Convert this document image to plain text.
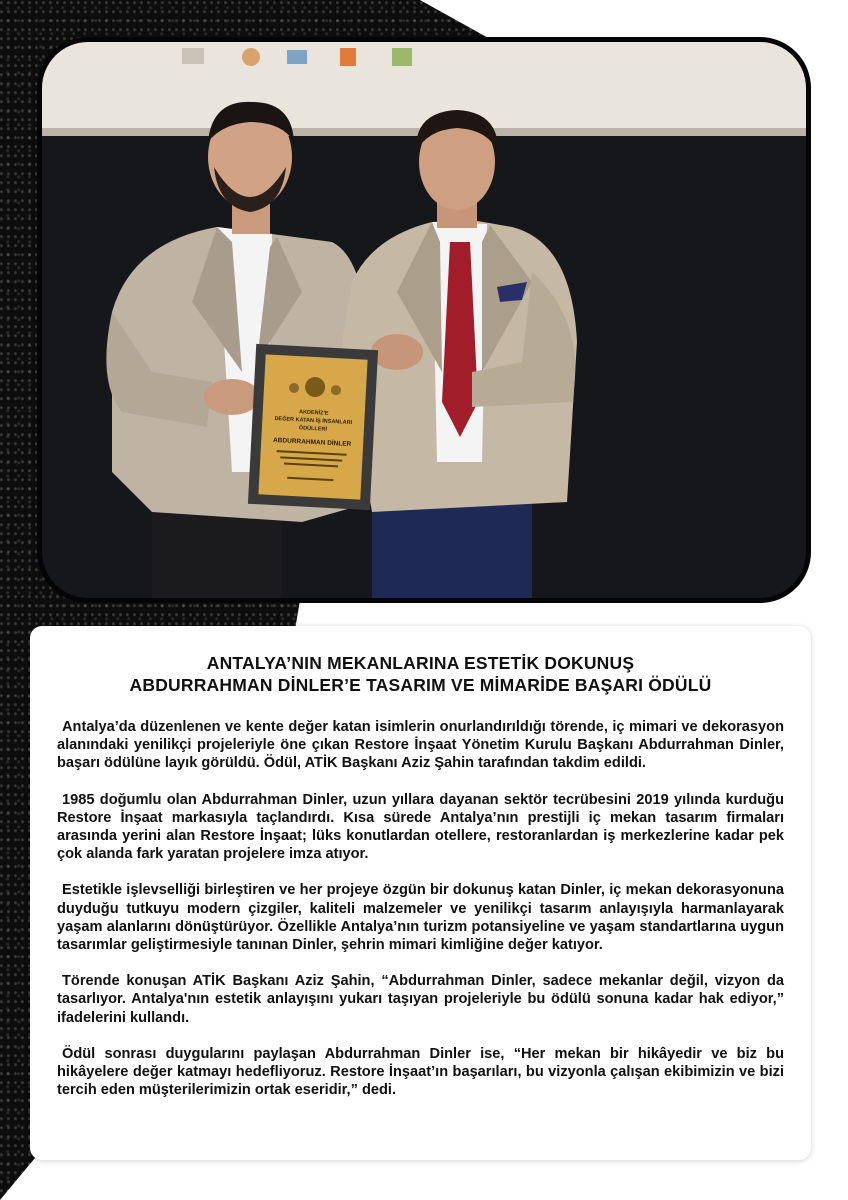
AKDENİZ'E
DEĞER KATAN İŞ İNSANLARI
ÖDÜLLERİ
ABDURRAHMAN DİNLER
ANTALYA’NIN MEKANLARINA ESTETİK DOKUNUŞ
ABDURRAHMAN DİNLER’E TASARIM VE MİMARİDE BAŞARI ÖDÜLÜ

Antalya’da düzenlenen ve kente değer katan isimlerin onurlandırıldığı törende, iç mimari ve dekorasyon alanındaki yenilikçi projeleriyle öne çıkan Restore İnşaat Yönetim Kurulu Başkanı Abdurrahman Dinler, başarı ödülüne layık görüldü. Ödül, ATİK Başkanı Aziz Şahin tarafından takdim edildi.

1985 doğumlu olan Abdurrahman Dinler, uzun yıllara dayanan sektör tecrübesini 2019 yılında kurduğu Restore İnşaat markasıyla taçlandırdı. Kısa sürede Antalya’nın prestijli iç mekan tasarım firmaları arasında yerini alan Restore İnşaat; lüks konutlardan otellere, restoranlardan iş merkezlerine kadar pek çok alanda fark yaratan projelere imza atıyor.

Estetikle işlevselliği birleştiren ve her projeye özgün bir dokunuş katan Dinler, iç mekan dekorasyonuna duyduğu tutkuyu modern çizgiler, kaliteli malzemeler ve yenilikçi tasarım anlayışıyla harmanlayarak yaşam alanlarını dönüştürüyor. Özellikle Antalya’nın turizm potansiyeline ve yaşam standartlarına uygun tasarımlar geliştirmesiyle tanınan Dinler, şehrin mimari kimliğine değer katıyor.

Törende konuşan ATİK Başkanı Aziz Şahin, “Abdurrahman Dinler, sadece mekanlar değil, vizyon da tasarlıyor. Antalya'nın estetik anlayışını yukarı taşıyan projeleriyle bu ödülü sonuna kadar hak ediyor,” ifadelerini kullandı.

Ödül sonrası duygularını paylaşan Abdurrahman Dinler ise, “Her mekan bir hikâyedir ve biz bu hikâyelere değer katmayı hedefliyoruz. Restore İnşaat’ın başarıları, bu vizyonla çalışan ekibimizin ve bizi tercih eden müşterilerimizin ortak eseridir,” dedi.
